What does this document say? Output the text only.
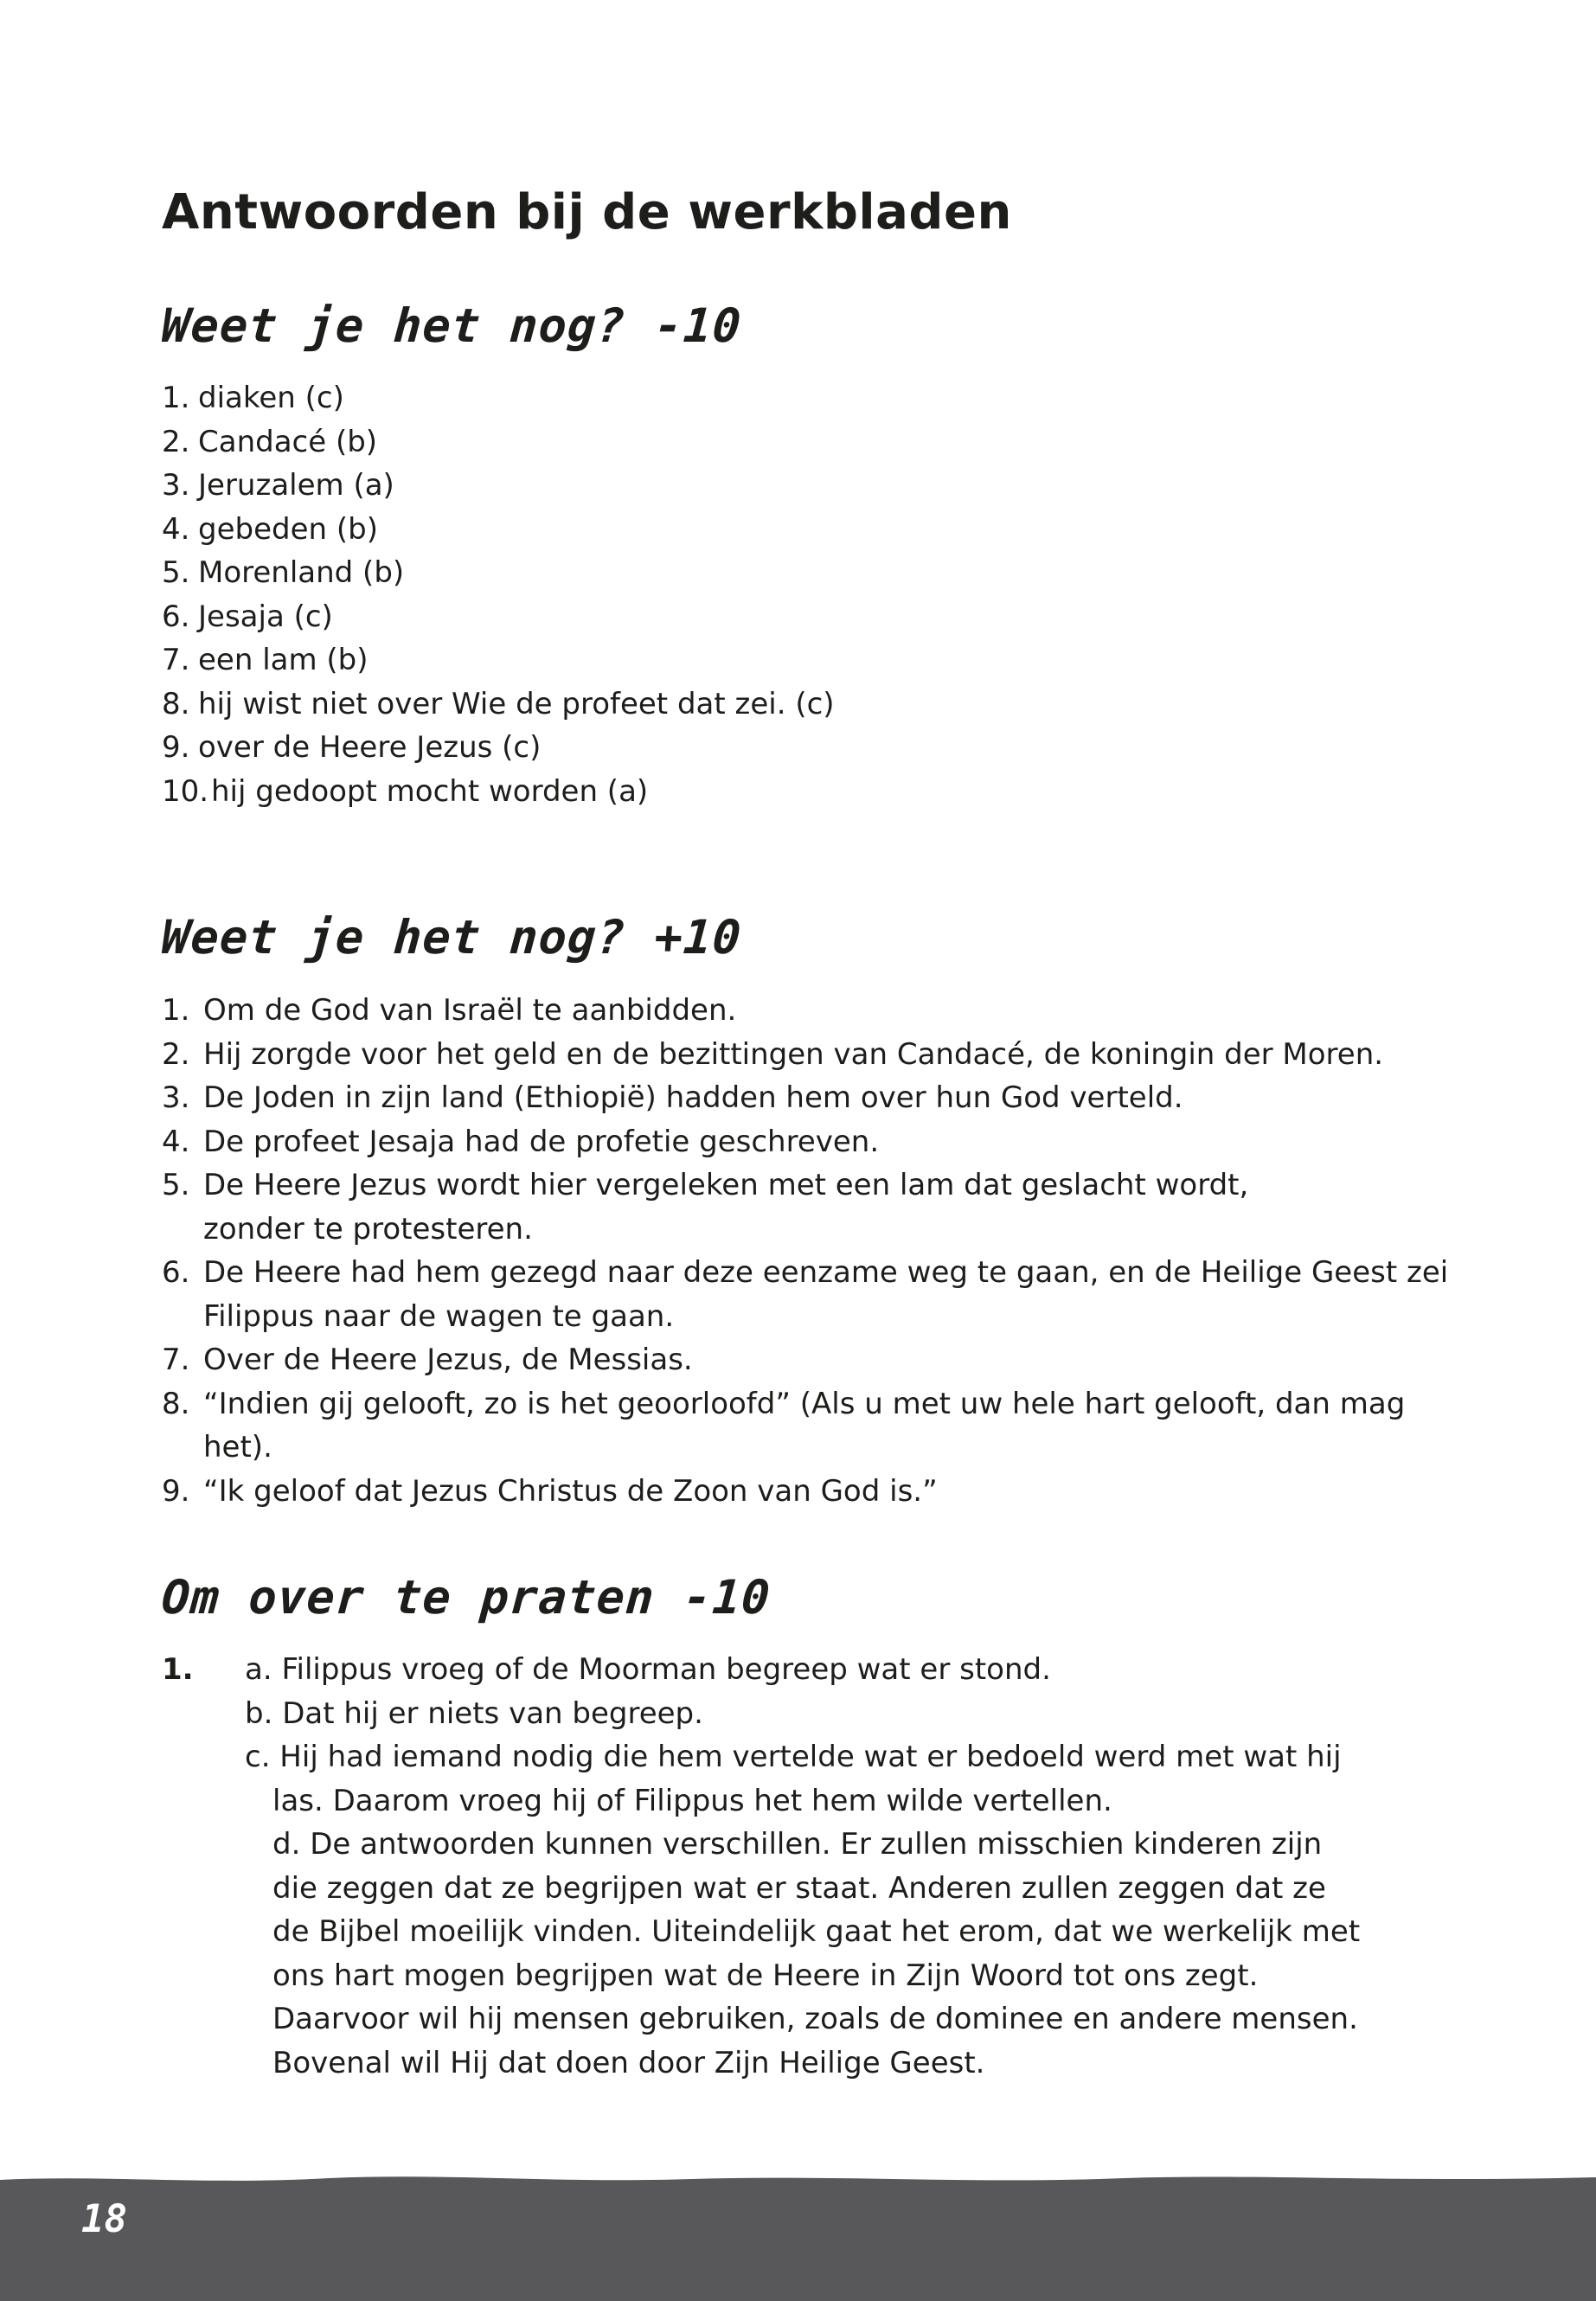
Antwoorden bij de werkbladen
Weet je het nog? -10
1. diaken (c)
2. Candacé (b)
3. Jeruzalem (a)
4. gebeden (b)
5. Morenland (b)
6. Jesaja (c)
7. een lam (b)
8. hij wist niet over Wie de profeet dat zei. (c)
9. over de Heere Jezus (c)
10. hij gedoopt mocht worden (a)
Weet je het nog? +10
1. Om de God van Israël te aanbidden.
2. Hij zorgde voor het geld en de bezittingen van Candacé, de koningin der Moren.
3. De Joden in zijn land (Ethiopië) hadden hem over hun God verteld.
4. De profeet Jesaja had de profetie geschreven.
5. De Heere Jezus wordt hier vergeleken met een lam dat geslacht wordt, zonder te protesteren.
6. De Heere had hem gezegd naar deze eenzame weg te gaan, en de Heilige Geest zei Filippus naar de wagen te gaan.
7. Over de Heere Jezus, de Messias.
8. “Indien gij gelooft, zo is het geoorloofd” (Als u met uw hele hart gelooft, dan mag het).
9. “Ik geloof dat Jezus Christus de Zoon van God is.”
Om over te praten -10
1. a. Filippus vroeg of de Moorman begreep wat er stond.
b. Dat hij er niets van begreep.
c. Hij had iemand nodig die hem vertelde wat er bedoeld werd met wat hij las. Daarom vroeg hij of Filippus het hem wilde vertellen.
d. De antwoorden kunnen verschillen. Er zullen misschien kinderen zijn die zeggen dat ze begrijpen wat er staat. Anderen zullen zeggen dat ze de Bijbel moeilijk vinden. Uiteindelijk gaat het erom, dat we werkelijk met ons hart mogen begrijpen wat de Heere in Zijn Woord tot ons zegt. Daarvoor wil hij mensen gebruiken, zoals de dominee en andere mensen. Bovenal wil Hij dat doen door Zijn Heilige Geest.
18
